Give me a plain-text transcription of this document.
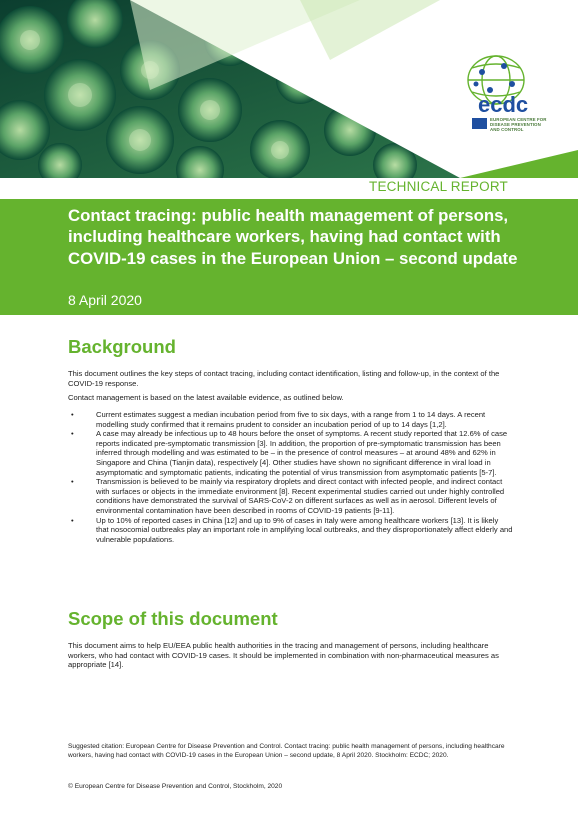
ecdc
EUROPEAN CENTRE FOR
DISEASE PREVENTION
AND CONTROL
TECHNICAL REPORT
Contact tracing: public health management of persons, including healthcare workers, having had contact with COVID-19 cases in the European Union – second update
8 April 2020
Background

This document outlines the key steps of contact tracing, including contact identification, listing and follow-up, in the context of the COVID-19 response.

Contact management is based on the latest available evidence, as outlined below.

•	Current estimates suggest a median incubation period from five to six days, with a range from 1 to 14 days. A recent modelling study confirmed that it remains prudent to consider an incubation period of up to 14 days [1,2].
•	A case may already be infectious up to 48 hours before the onset of symptoms. A recent study reported that 12.6% of case reports indicated pre-symptomatic transmission [3]. In addition, the proportion of pre-symptomatic transmission has been inferred through modelling and was estimated to be – in the presence of control measures – at around 48% and 62% in Singapore and China (Tianjin data), respectively [4]. Other studies have shown no significant difference in viral load in asymptomatic and symptomatic patients, indicating the potential of virus transmission from asymptomatic patients [5-7].
•	Transmission is believed to be mainly via respiratory droplets and direct contact with infected people, and indirect contact with surfaces or objects in the immediate environment [8]. Recent experimental studies carried out under highly controlled conditions have demonstrated the survival of SARS-CoV-2 on different surfaces as well as in aerosol. Different levels of environmental contamination have been described in rooms of COVID-19 patients [9-11].
•	Up to 10% of reported cases in China [12] and up to 9% of cases in Italy were among healthcare workers [13]. It is likely that nosocomial outbreaks play an important role in amplifying local outbreaks, and they disproportionately affect elderly and vulnerable populations.
Scope of this document

This document aims to help EU/EEA public health authorities in the tracing and management of persons, including healthcare workers, who had contact with COVID-19 cases. It should be implemented in combination with non-pharmaceutical measures as appropriate [14].

Suggested citation: European Centre for Disease Prevention and Control. Contact tracing: public health management of persons, including healthcare workers, having had contact with COVID-19 cases in the European Union – second update, 8 April 2020. Stockholm: ECDC; 2020.

© European Centre for Disease Prevention and Control, Stockholm, 2020
